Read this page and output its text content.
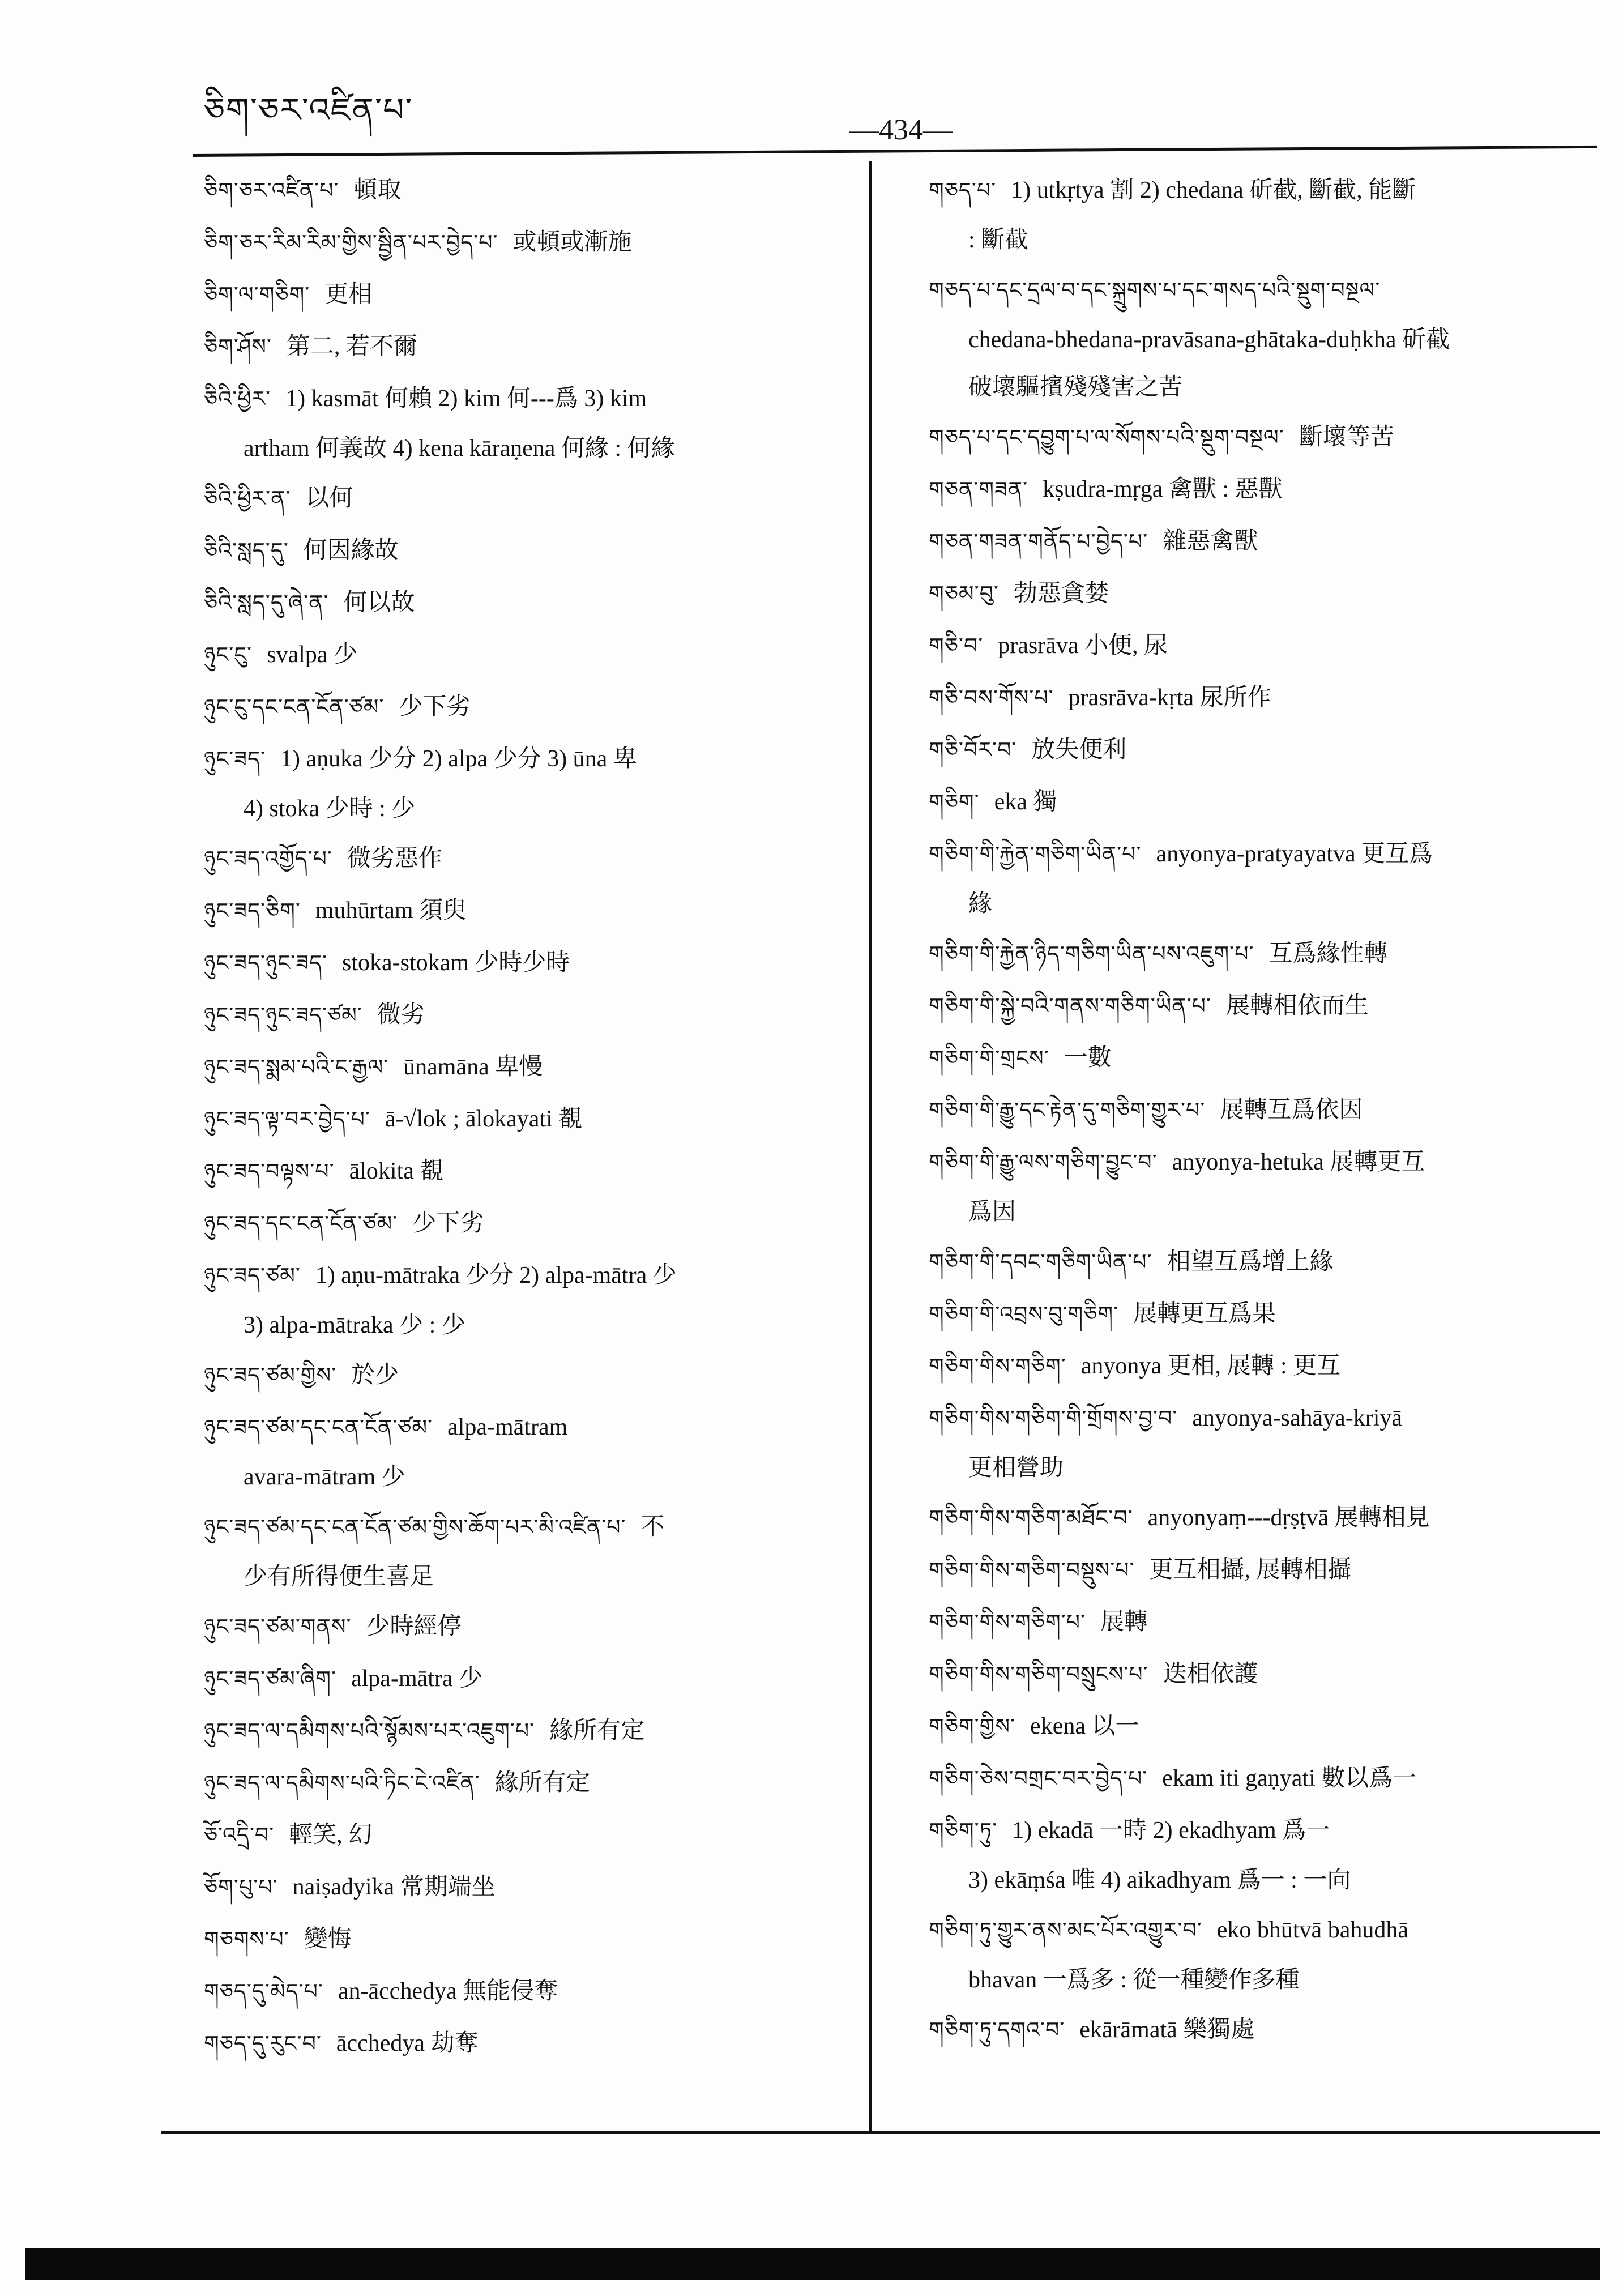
ཅིག་ཅར་འཛིན་པ་
—434—
ཅིག་ཅར་འཛིན་པ་ 頓取
ཅིག་ཅར་རིམ་རིམ་གྱིས་སྦྱིན་པར་བྱེད་པ་ 或頓或漸施
ཅིག་ལ་གཅིག་ 更相
ཅིག་ཤོས་ 第二, 若不爾
ཅིའི་ཕྱིར་ 1) kasmāt 何賴 2) kim 何---爲 3) kim
artham 何義故 4) kena kāraṇena 何緣 : 何緣
ཅིའི་ཕྱིར་ན་ 以何
ཅིའི་སླད་དུ་ 何因緣故
ཅིའི་སླད་དུ་ཞེ་ན་ 何以故
ཉུང་ངུ་ svalpa 少
ཉུང་ངུ་དང་ངན་ངོན་ཙམ་ 少下劣
ཉུང་ཟད་ 1) aṇuka 少分 2) alpa 少分 3) ūna 卑
4) stoka 少時 : 少
ཉུང་ཟད་འགྱོད་པ་ 微劣惡作
ཉུང་ཟད་ཅིག་ muhūrtam 須臾
ཉུང་ཟད་ཉུང་ཟད་ stoka-stokam 少時少時
ཉུང་ཟད་ཉུང་ཟད་ཙམ་ 微劣
ཉུང་ཟད་སྨམ་པའི་ང་རྒྱལ་ ūnamāna 卑慢
ཉུང་ཟད་ལྟ་བར་བྱེད་པ་ ā-√lok ; ālokayati 覩
ཉུང་ཟད་བལྟས་པ་ ālokita 覩
ཉུང་ཟད་དང་ངན་ངོན་ཙམ་ 少下劣
ཉུང་ཟད་ཙམ་ 1) aṇu-mātraka 少分 2) alpa-mātra 少
3) alpa-mātraka 少 : 少
ཉུང་ཟད་ཙམ་གྱིས་ 於少
ཉུང་ཟད་ཙམ་དང་ངན་ངོན་ཙམ་ alpa-mātram
avara-mātram 少
ཉུང་ཟད་ཙམ་དང་ངན་ངོན་ཙམ་གྱིས་ཆོག་པར་མི་འཛིན་པ་ 不
少有所得便生喜足
ཉུང་ཟད་ཙམ་གནས་ 少時經停
ཉུང་ཟད་ཙམ་ཞིག་ alpa-mātra 少
ཉུང་ཟད་ལ་དམིགས་པའི་སྙོམས་པར་འཇུག་པ་ 緣所有定
ཉུང་ཟད་ལ་དམིགས་པའི་ཏིང་ངེ་འཛིན་ 緣所有定
ཅོ་འདྲི་བ་ 輕笑, 幻
ཅོག་པུ་པ་ naiṣadyika 常期端坐
གཅགས་པ་ 變悔
གཅད་དུ་མེད་པ་ an-ācchedya 無能侵奪
གཅད་དུ་རུང་བ་ ācchedya 劫奪
གཅད་པ་ 1) utkṛtya 割 2) chedana 斫截, 斷截, 能斷
: 斷截
གཅད་པ་དང་དྲལ་བ་དང་སྐྲུགས་པ་དང་གསད་པའི་སྡུག་བསྔལ་
chedana-bhedana-pravāsana-ghātaka-duḥkha 斫截
破壞驅擯殘殘害之苦
གཅད་པ་དང་དབྱུག་པ་ལ་སོགས་པའི་སྡུག་བསྔལ་ 斷壞等苦
གཅན་གཟན་ kṣudra-mṛga 禽獸 : 惡獸
གཅན་གཟན་གནོད་པ་བྱེད་པ་ 雜惡禽獸
གཅམ་བུ་ 勃惡貪婪
གཅི་བ་ prasrāva 小便, 尿
གཅི་བས་གོས་པ་ prasrāva-kṛta 尿所作
གཅི་བོར་བ་ 放失便利
གཅིག་ eka 獨
གཅིག་གི་རྐྱེན་གཅིག་ཡིན་པ་ anyonya-pratyayatva 更互爲
緣
གཅིག་གི་རྐྱེན་ཉིད་གཅིག་ཡིན་པས་འཇུག་པ་ 互爲緣性轉
གཅིག་གི་སྐྱེ་བའི་གནས་གཅིག་ཡིན་པ་ 展轉相依而生
གཅིག་གི་གྲངས་ 一數
གཅིག་གི་རྒྱུ་དང་རྟེན་དུ་གཅིག་གྱུར་པ་ 展轉互爲依因
གཅིག་གི་རྒྱུ་ལས་གཅིག་བྱུང་བ་ anyonya-hetuka 展轉更互
爲因
གཅིག་གི་དབང་གཅིག་ཡིན་པ་ 相望互爲增上緣
གཅིག་གི་འབྲས་བུ་གཅིག་ 展轉更互爲果
གཅིག་གིས་གཅིག་ anyonya 更相, 展轉 : 更互
གཅིག་གིས་གཅིག་གི་གྲོགས་བྱ་བ་ anyonya-sahāya-kriyā
更相營助
གཅིག་གིས་གཅིག་མཐོང་བ་ anyonyaṃ---dṛṣṭvā 展轉相見
གཅིག་གིས་གཅིག་བསྡུས་པ་ 更互相攝, 展轉相攝
གཅིག་གིས་གཅིག་པ་ 展轉
གཅིག་གིས་གཅིག་བསྲུངས་པ་ 迭相依護
གཅིག་གྱིས་ ekena 以一
གཅིག་ཅེས་བགྲང་བར་བྱེད་པ་ ekam iti gaṇyati 數以爲一
གཅིག་ཏུ་ 1) ekadā 一時 2) ekadhyam 爲一
3) ekāṃśa 唯 4) aikadhyam 爲一 : 一向
གཅིག་ཏུ་གྱུར་ནས་མང་པོར་འགྱུར་བ་ eko bhūtvā bahudhā
bhavan 一爲多 : 從一種變作多種
གཅིག་ཏུ་དགའ་བ་ ekārāmatā 樂獨處
